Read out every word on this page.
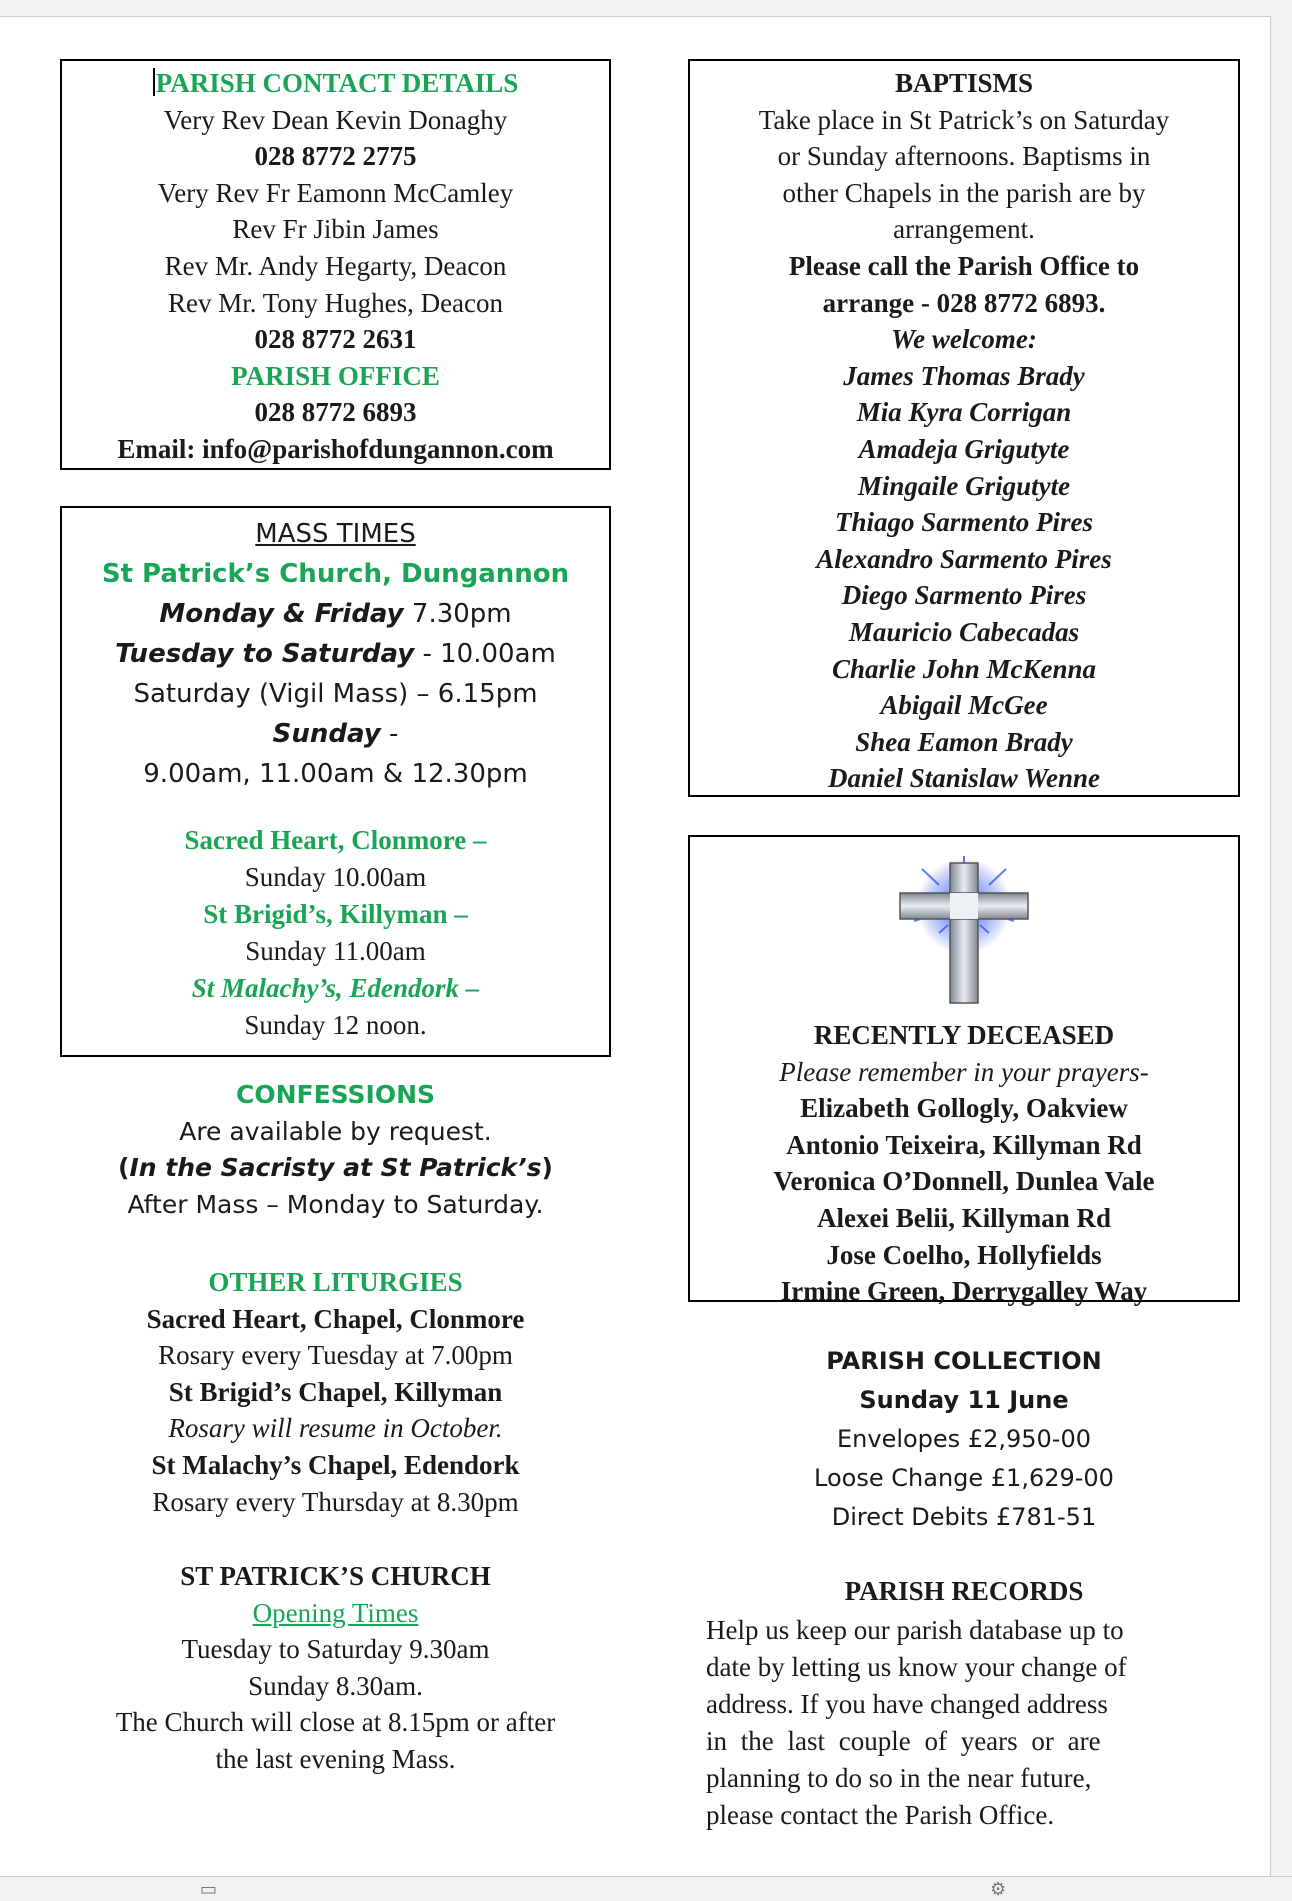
▭	⚙
PARISH CONTACT DETAILS
Very Rev Dean Kevin Donaghy
028 8772 2775
Very Rev Fr Eamonn McCamley
Rev Fr Jibin James
Rev Mr. Andy Hegarty, Deacon
Rev Mr. Tony Hughes, Deacon
028 8772 2631
PARISH OFFICE
028 8772 6893
Email: info@parishofdungannon.com
MASS TIMES
St Patrick’s Church, Dungannon
Monday & Friday 7.30pm
Tuesday to Saturday - 10.00am
Saturday (Vigil Mass) – 6.15pm
Sunday -
9.00am, 11.00am & 12.30pm
Sacred Heart, Clonmore –
Sunday 10.00am
St Brigid’s, Killyman –
Sunday 11.00am
St Malachy’s, Edendork –
Sunday 12 noon.
CONFESSIONS
Are available by request.
(In the Sacristy at St Patrick’s)
After Mass – Monday to Saturday.
OTHER LITURGIES
Sacred Heart, Chapel, Clonmore
Rosary every Tuesday at 7.00pm
St Brigid’s Chapel, Killyman
Rosary will resume in October.
St Malachy’s Chapel, Edendork
Rosary every Thursday at 8.30pm
ST PATRICK’S CHURCH
Opening Times
Tuesday to Saturday 9.30am
Sunday 8.30am.
The Church will close at 8.15pm or after
the last evening Mass.
BAPTISMS
Take place in St Patrick’s on Saturday
or Sunday afternoons. Baptisms in
other Chapels in the parish are by
arrangement.
Please call the Parish Office to
arrange - 028 8772 6893.
We welcome:
James Thomas Brady
Mia Kyra Corrigan
Amadeja Grigutyte
Mingaile Grigutyte
Thiago Sarmento Pires
Alexandro Sarmento Pires
Diego Sarmento Pires
Mauricio Cabecadas
Charlie John McKenna
Abigail McGee
Shea Eamon Brady
Daniel Stanislaw Wenne
RECENTLY DECEASED
Please remember in your prayers-
Elizabeth Gollogly, Oakview
Antonio Teixeira, Killyman Rd
Veronica O’Donnell, Dunlea Vale
Alexei Belii, Killyman Rd
Jose Coelho, Hollyfields
Irmine Green, Derrygalley Way
PARISH COLLECTION
Sunday 11 June
Envelopes £2,950-00
Loose Change £1,629-00
Direct Debits £781-51
PARISH RECORDS
Help us keep our parish database up to
date by letting us know your change of
address. If you have changed address
in the last couple of years or are
planning to do so in the near future,
please contact the Parish Office.
